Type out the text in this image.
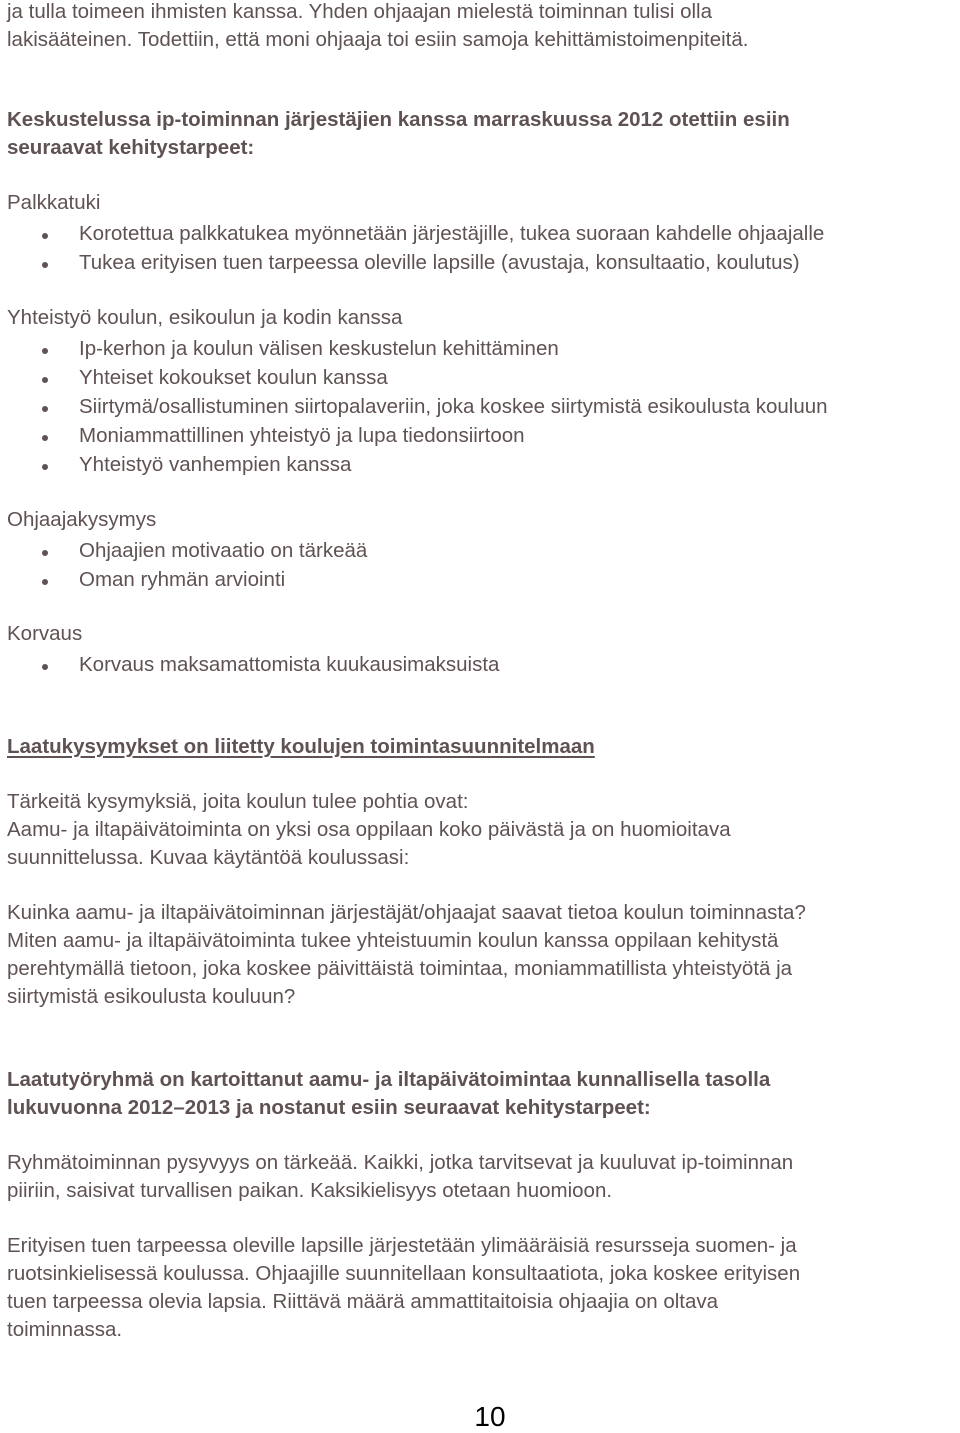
ja tulla toimeen ihmisten kanssa. Yhden ohjaajan mielestä toiminnan tulisi olla

lakisääteinen. Todettiin, että moni ohjaaja toi esiin samoja kehittämistoimenpiteitä.

Keskustelussa ip-toiminnan järjestäjien kanssa marraskuussa 2012 otettiin esiin

seuraavat kehitystarpeet:

Palkkatuki

Korotettua palkkatukea myönnetään järjestäjille, tukea suoraan kahdelle ohjaajalle

Tukea erityisen tuen tarpeessa oleville lapsille (avustaja, konsultaatio, koulutus)

Yhteistyö koulun, esikoulun ja kodin kanssa

Ip-kerhon ja koulun välisen keskustelun kehittäminen

Yhteiset kokoukset koulun kanssa

Siirtymä/osallistuminen siirtopalaveriin, joka koskee siirtymistä esikoulusta kouluun

Moniammattillinen yhteistyö ja lupa tiedonsiirtoon

Yhteistyö vanhempien kanssa

Ohjaajakysymys

Ohjaajien motivaatio on tärkeää

Oman ryhmän arviointi

Korvaus

Korvaus maksamattomista kuukausimaksuista

Laatukysymykset on liitetty koulujen toimintasuunnitelmaan

Tärkeitä kysymyksiä, joita koulun tulee pohtia ovat:

Aamu- ja iltapäivätoiminta on yksi osa oppilaan koko päivästä ja on huomioitava

suunnittelussa. Kuvaa käytäntöä koulussasi:

Kuinka aamu- ja iltapäivätoiminnan järjestäjät/ohjaajat saavat tietoa koulun toiminnasta?

Miten aamu- ja iltapäivätoiminta tukee yhteistuumin koulun kanssa oppilaan kehitystä

perehtymällä tietoon, joka koskee päivittäistä toimintaa, moniammatillista yhteistyötä ja

siirtymistä esikoulusta kouluun?

Laatutyöryhmä on kartoittanut aamu- ja iltapäivätoimintaa kunnallisella tasolla

lukuvuonna 2012–2013 ja nostanut esiin seuraavat kehitystarpeet:

Ryhmätoiminnan pysyvyys on tärkeää. Kaikki, jotka tarvitsevat ja kuuluvat ip-toiminnan

piiriin, saisivat turvallisen paikan. Kaksikielisyys otetaan huomioon.

Erityisen tuen tarpeessa oleville lapsille järjestetään ylimääräisiä resursseja suomen- ja

ruotsinkielisessä koulussa. Ohjaajille suunnitellaan konsultaatiota, joka koskee erityisen

tuen tarpeessa olevia lapsia. Riittävä määrä ammattitaitoisia ohjaajia on oltava

toiminnassa.

10
